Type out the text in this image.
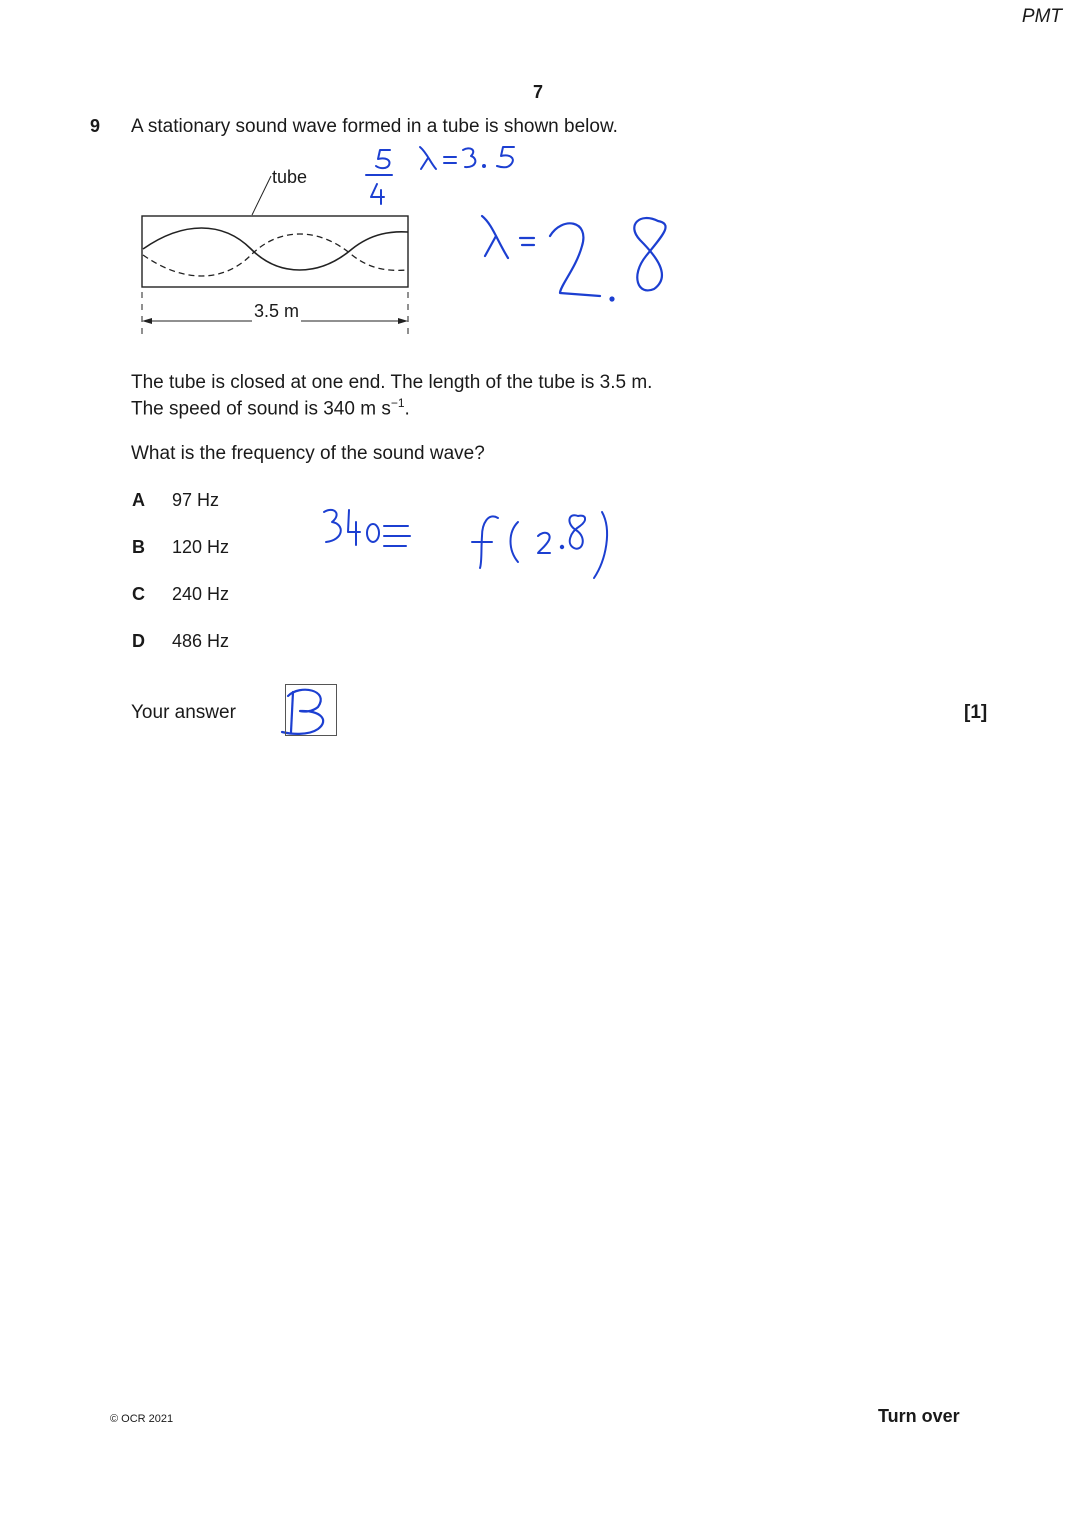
PMT
7
9 A stationary sound wave formed in a tube is shown below.
tube
3.5 m
The tube is closed at one end. The length of the tube is 3.5 m.
The speed of sound is 340 m $s^{-1}$.
What is the frequency of the sound wave?
A 97 Hz
B 120 Hz
C 240 Hz
D 486 Hz
Your answer	[1]
© OCR 2021	Turn over
